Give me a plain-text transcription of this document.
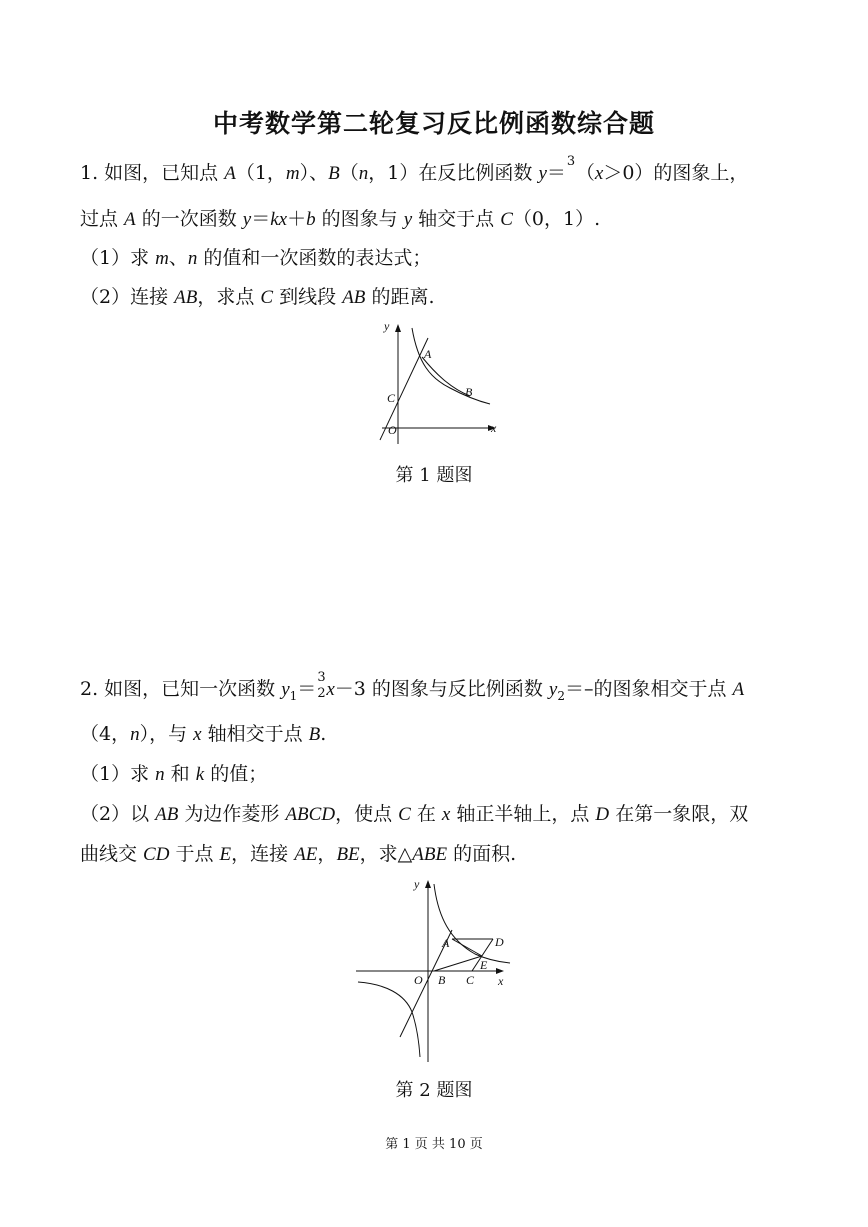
中考数学第二轮复习反比例函数综合题
1. 如图，已知点 A（1，m）、B（n，1）在反比例函数 y＝
3
（x＞0）的图象上，
过点 A 的一次函数 y＝kx＋b 的图象与 y 轴交于点 C（0，1）.
（1）求 m、n 的值和一次函数的表达式；
（2）连接 AB，求点 C 到线段 AB 的距离.
y
x
A
B
C
O
第 1 题图
2. 如图，已知一次函数 $y_1=$
3
2 x－3 的图象与反比例函数 $y_2=-$的图象相交于点 A
（4，n），与 x 轴相交于点 B.
（1）求 n 和 k 的值；
（2）以 AB 为边作菱形 ABCD，使点 C 在 x 轴正半轴上，点 D 在第一象限，双
曲线交 CD 于点 E，连接 AE，BE，求△ABE 的面积.
y
x
A	D
E
O B C
第 2 题图
第 1 页 共 10 页
